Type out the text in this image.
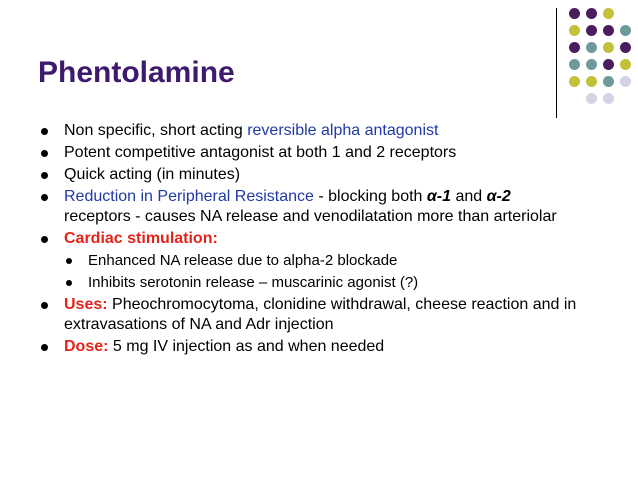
Phentolamine
Non specific, short acting reversible alpha antagonist
Potent competitive antagonist at both 1 and 2 receptors
Quick acting (in minutes)
Reduction in Peripheral Resistance - blocking both α-1 and α-2
receptors - causes NA release and venodilatation more than arteriolar
Cardiac stimulation:
Enhanced NA release due to alpha-2 blockade
Inhibits serotonin release – muscarinic agonist (?)
Uses: Pheochromocytoma, clonidine withdrawal, cheese reaction and in extravasations of NA and Adr injection
Dose: 5 mg IV injection as and when needed
